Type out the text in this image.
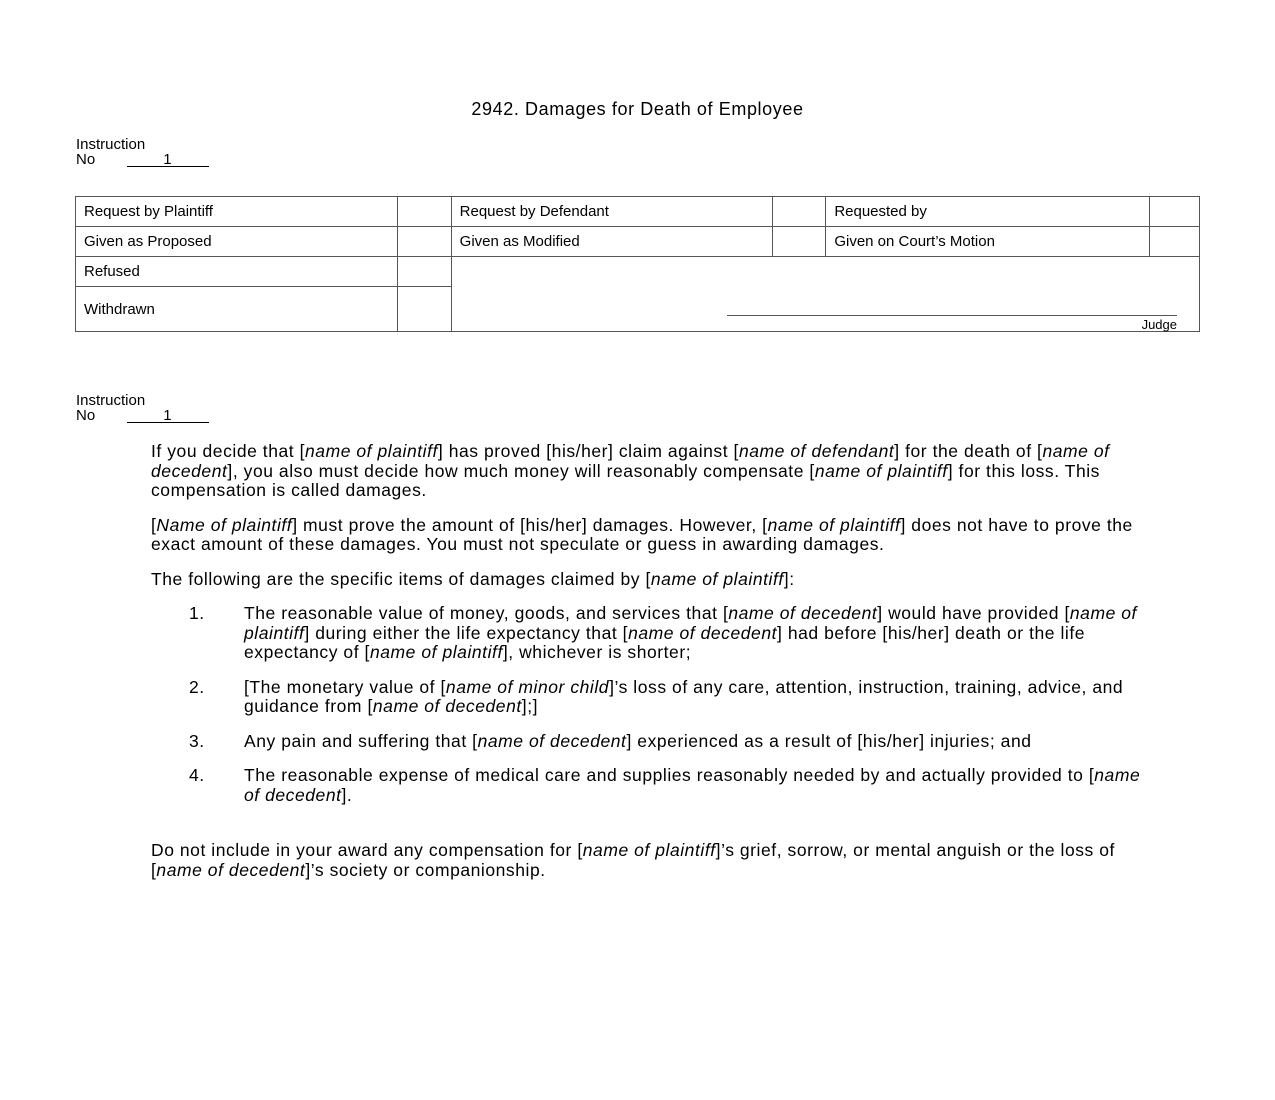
2942. Damages for Death of Employee
Instruction
No	1
Request by Plaintiff		Request by Defendant		Requested by	
Given as Proposed		Given as Modified		Given on Court’s Motion	
Refused		Judge			

Withdrawn					
Instruction
No	1

If you decide that [name of plaintiff] has proved [his/her] claim against [name of defendant] for the death of [name of decedent], you also must decide how much money will reasonably compensate [name of plaintiff] for this loss. This compensation is called damages.

[Name of plaintiff] must prove the amount of [his/her] damages. However, [name of plaintiff] does not have to prove the exact amount of these damages. You must not speculate or guess in awarding damages.

The following are the specific items of damages claimed by [name of plaintiff]:

1.	The reasonable value of money, goods, and services that [name of decedent] would have provided [name of plaintiff] during either the life expectancy that [name of decedent] had before [his/her] death or the life expectancy of [name of plaintiff], whichever is shorter;
2.	[The monetary value of [name of minor child]’s loss of any care, attention, instruction, training, advice, and guidance from [name of decedent];]
3.	Any pain and suffering that [name of decedent] experienced as a result of [his/her] injuries; and
4.	The reasonable expense of medical care and supplies reasonably needed by and actually provided to [name of decedent].

Do not include in your award any compensation for [name of plaintiff]’s grief, sorrow, or mental anguish or the loss of [name of decedent]’s society or companionship.
